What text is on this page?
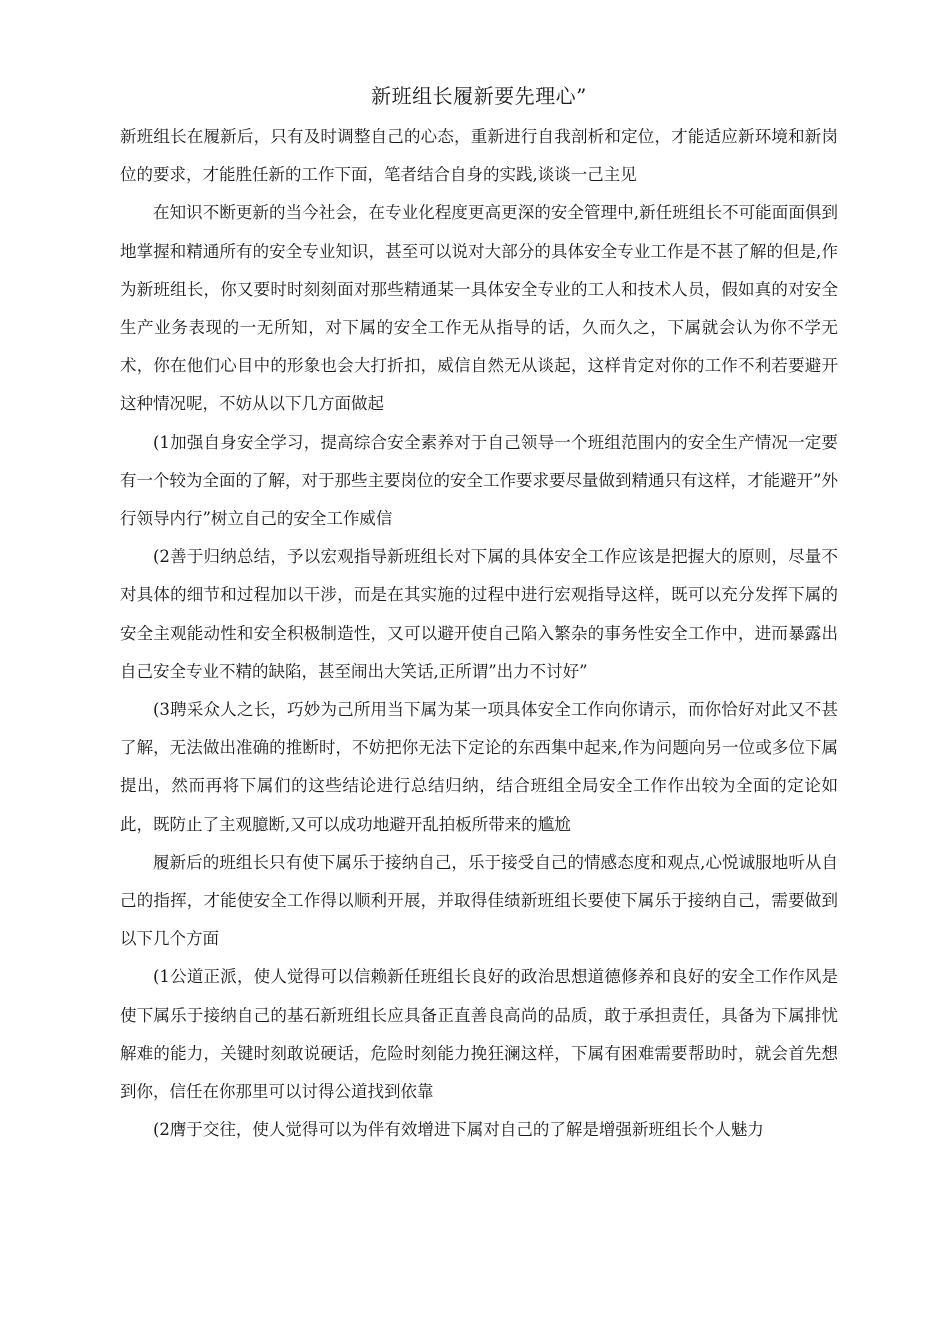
新班组长履新要先理心”

新班组长在履新后，只有及时调整自己的心态，重新进行自我剖析和定位，才能适应新环境和新岗位的要求，才能胜任新的工作下面，笔者结合自身的实践,谈谈一己主见

在知识不断更新的当今社会，在专业化程度更高更深的安全管理中,新任班组长不可能面面俱到地掌握和精通所有的安全专业知识，甚至可以说对大部分的具体安全专业工作是不甚了解的但是,作为新班组长，你又要时时刻刻面对那些精通某一具体安全专业的工人和技术人员，假如真的对安全生产业务表现的一无所知，对下属的安全工作无从指导的话，久而久之，下属就会认为你不学无术，你在他们心目中的形象也会大打折扣，威信自然无从谈起，这样肯定对你的工作不利若要避开这种情况呢，不妨从以下几方面做起

(1加强自身安全学习，提高综合安全素养对于自己领导一个班组范围内的安全生产情况一定要有一个较为全面的了解，对于那些主要岗位的安全工作要求要尽量做到精通只有这样，才能避开”外行领导内行”树立自己的安全工作威信

(2善于归纳总结，予以宏观指导新班组长对下属的具体安全工作应该是把握大的原则，尽量不对具体的细节和过程加以干涉，而是在其实施的过程中进行宏观指导这样，既可以充分发挥下属的安全主观能动性和安全积极制造性，又可以避开使自己陷入繁杂的事务性安全工作中，进而暴露出自己安全专业不精的缺陷，甚至闹出大笑话,正所谓”出力不讨好”

(3聘采众人之长，巧妙为己所用当下属为某一项具体安全工作向你请示，而你恰好对此又不甚了解，无法做出准确的推断时，不妨把你无法下定论的东西集中起来,作为问题向另一位或多位下属提出，然而再将下属们的这些结论进行总结归纳，结合班组全局安全工作作出较为全面的定论如此，既防止了主观臆断,又可以成功地避开乱拍板所带来的尴尬

履新后的班组长只有使下属乐于接纳自己，乐于接受自己的情感态度和观点,心悦诚服地听从自己的指挥，才能使安全工作得以顺利开展，并取得佳绩新班组长要使下属乐于接纳自己，需要做到以下几个方面

(1公道正派，使人觉得可以信赖新任班组长良好的政治思想道德修养和良好的安全工作作风是使下属乐于接纳自己的基石新班组长应具备正直善良高尚的品质，敢于承担责任，具备为下属排忧解难的能力，关键时刻敢说硬话，危险时刻能力挽狂澜这样，下属有困难需要帮助时，就会首先想到你，信任在你那里可以讨得公道找到依靠

(2膺于交往，使人觉得可以为伴有效增进下属对自己的了解是增强新班组长个人魅力
